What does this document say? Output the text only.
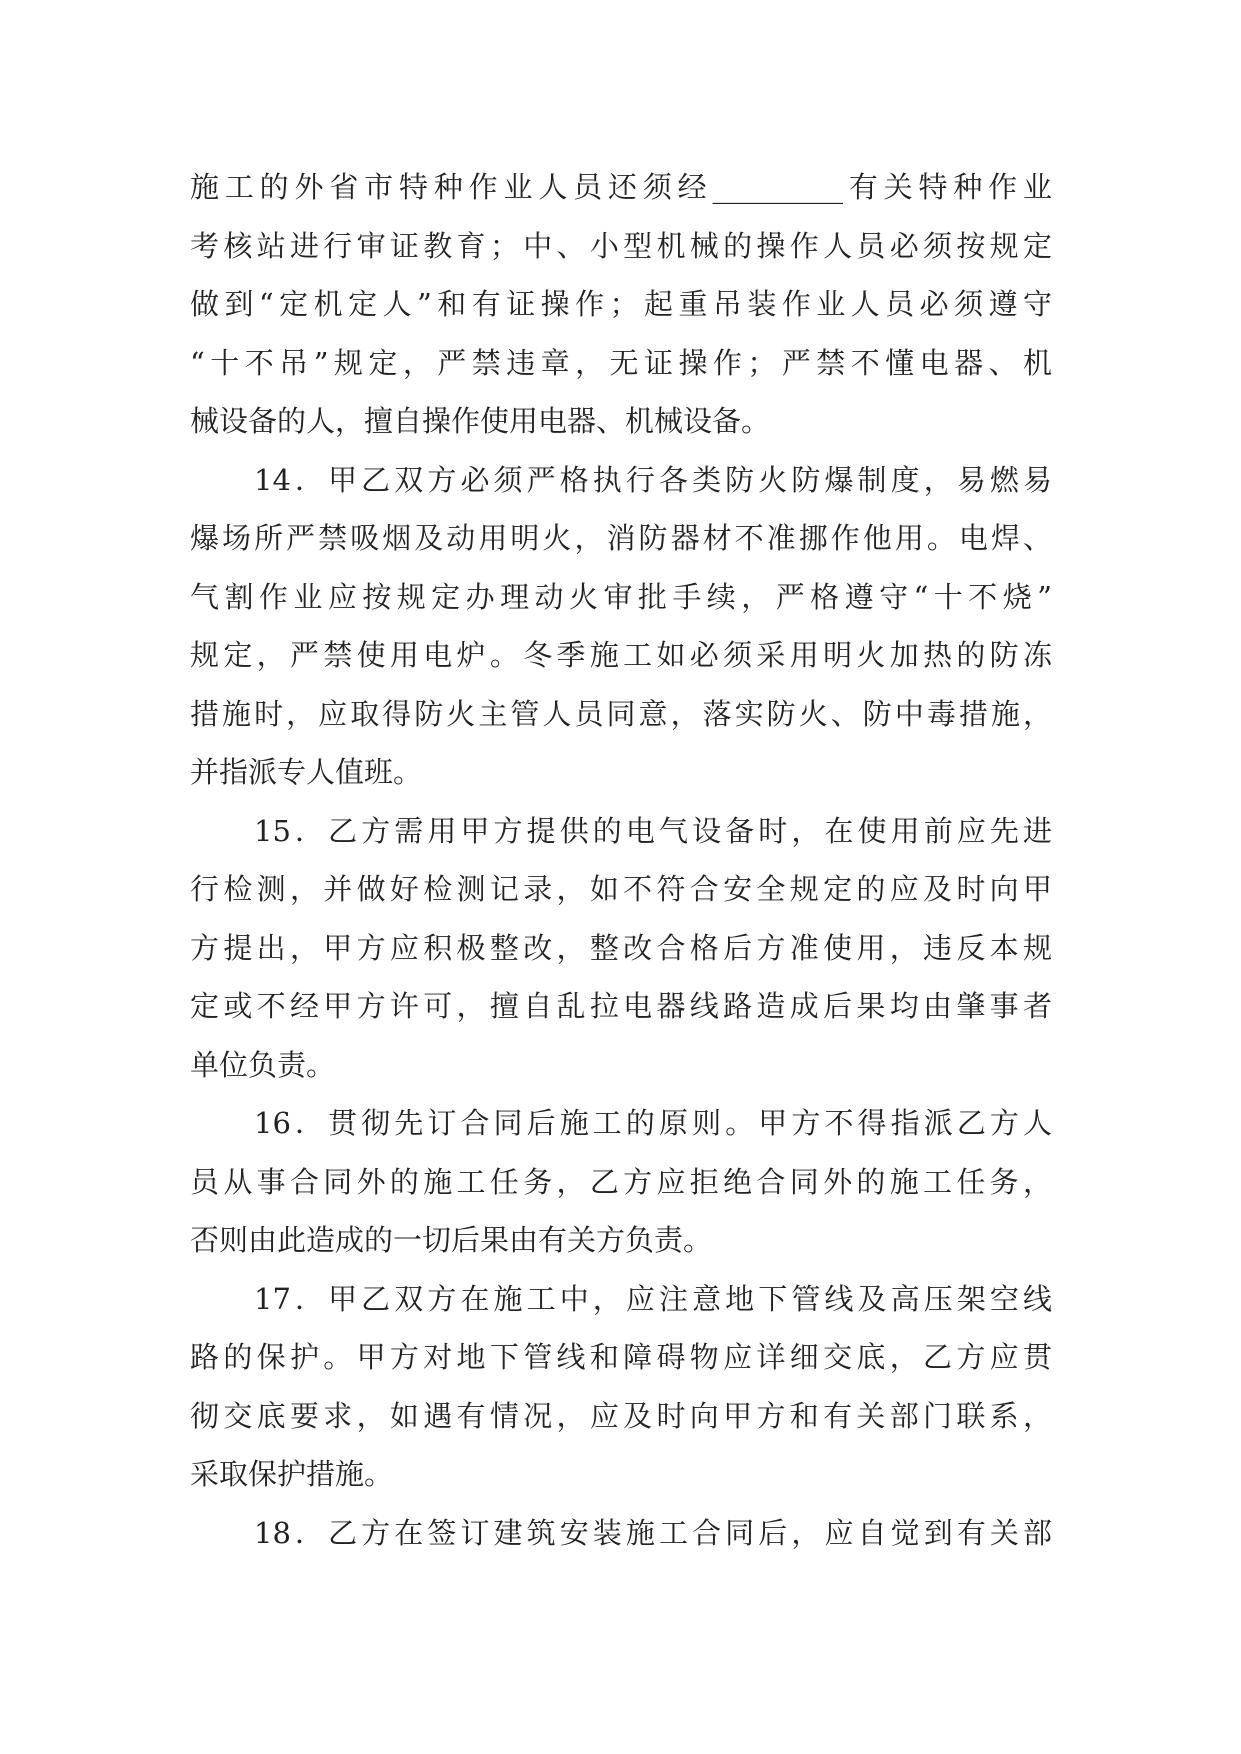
施工的外省市特种作业人员还须经_________有关特种作业
考核站进行审证教育；中、小型机械的操作人员必须按规定
做到“定机定人”和有证操作；起重吊装作业人员必须遵守
“十不吊”规定，严禁违章，无证操作；严禁不懂电器、机
械设备的人，擅自操作使用电器、机械设备。
14．甲乙双方必须严格执行各类防火防爆制度，易燃易
爆场所严禁吸烟及动用明火，消防器材不准挪作他用。电焊、
气割作业应按规定办理动火审批手续，严格遵守“十不烧”
规定，严禁使用电炉。冬季施工如必须采用明火加热的防冻
措施时，应取得防火主管人员同意，落实防火、防中毒措施，
并指派专人值班。
15．乙方需用甲方提供的电气设备时，在使用前应先进
行检测，并做好检测记录，如不符合安全规定的应及时向甲
方提出，甲方应积极整改，整改合格后方准使用，违反本规
定或不经甲方许可，擅自乱拉电器线路造成后果均由肇事者
单位负责。
16．贯彻先订合同后施工的原则。甲方不得指派乙方人
员从事合同外的施工任务，乙方应拒绝合同外的施工任务，
否则由此造成的一切后果由有关方负责。
17．甲乙双方在施工中，应注意地下管线及高压架空线
路的保护。甲方对地下管线和障碍物应详细交底，乙方应贯
彻交底要求，如遇有情况，应及时向甲方和有关部门联系，
采取保护措施。
18．乙方在签订建筑安装施工合同后，应自觉到有关部
